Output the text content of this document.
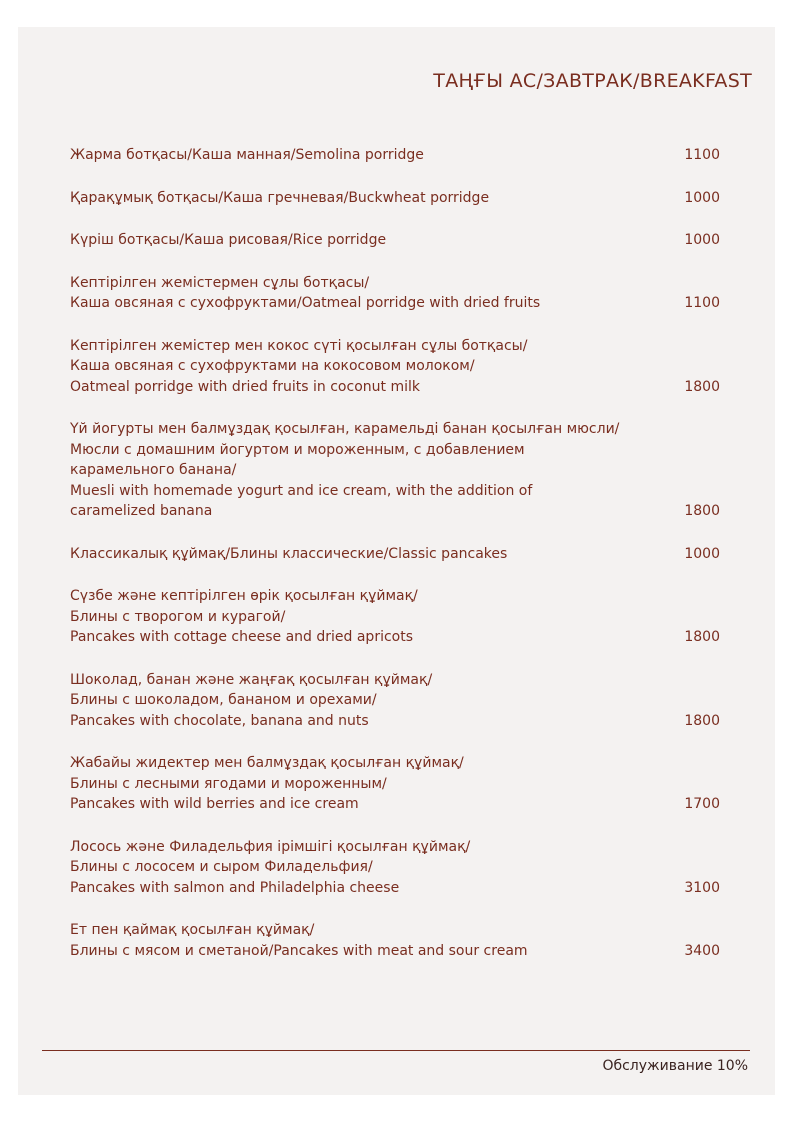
ТАҢҒЫ АС/ЗАВТРАК/BREAKFAST
Жарма ботқасы/Каша манная/Semolina porridge	1100
Қарақұмық ботқасы/Каша гречневая/Buckwheat porridge	1000
Күріш ботқасы/Каша рисовая/Rice porridge	1000
Кептірілген жемістермен сұлы ботқасы/
Каша овсяная с сухофруктами/Oatmeal porridge with dried fruits	1100
Кептірілген жемістер мен кокос сүті қосылған сұлы ботқасы/
Каша овсяная с сухофруктами на кокосовом молоком/
Oatmeal porridge with dried fruits in coconut milk	1800
Үй йогурты мен балмұздақ қосылған, карамельді банан қосылған мюсли/
Мюсли с домашним йогуртом и мороженным, с добавлением
карамельного банана/
Muesli with homemade yogurt and ice cream, with the addition of
caramelized banana	1800
Классикалық құймақ/Блины классические/Classic pancakes	1000
Сүзбе және кептірілген өрік қосылған құймақ/
Блины с творогом и курагой/
Pancakes with cottage cheese and dried apricots	1800
Шоколад, банан және жаңғақ қосылған құймақ/
Блины с шоколадом, бананом и орехами/
Pancakes with chocolate, banana and nuts	1800
Жабайы жидектер мен балмұздақ қосылған құймақ/
Блины с лесными ягодами и мороженным/
Pancakes with wild berries and ice cream	1700
Лосось және Филадельфия ірімшігі қосылған құймақ/
Блины с лососем и сыром Филадельфия/
Pancakes with salmon and Philadelphia cheese	3100
Ет пен қаймақ қосылған құймақ/
Блины с мясом и сметаной/Pancakes with meat and sour cream	3400
Обслуживание 10%
